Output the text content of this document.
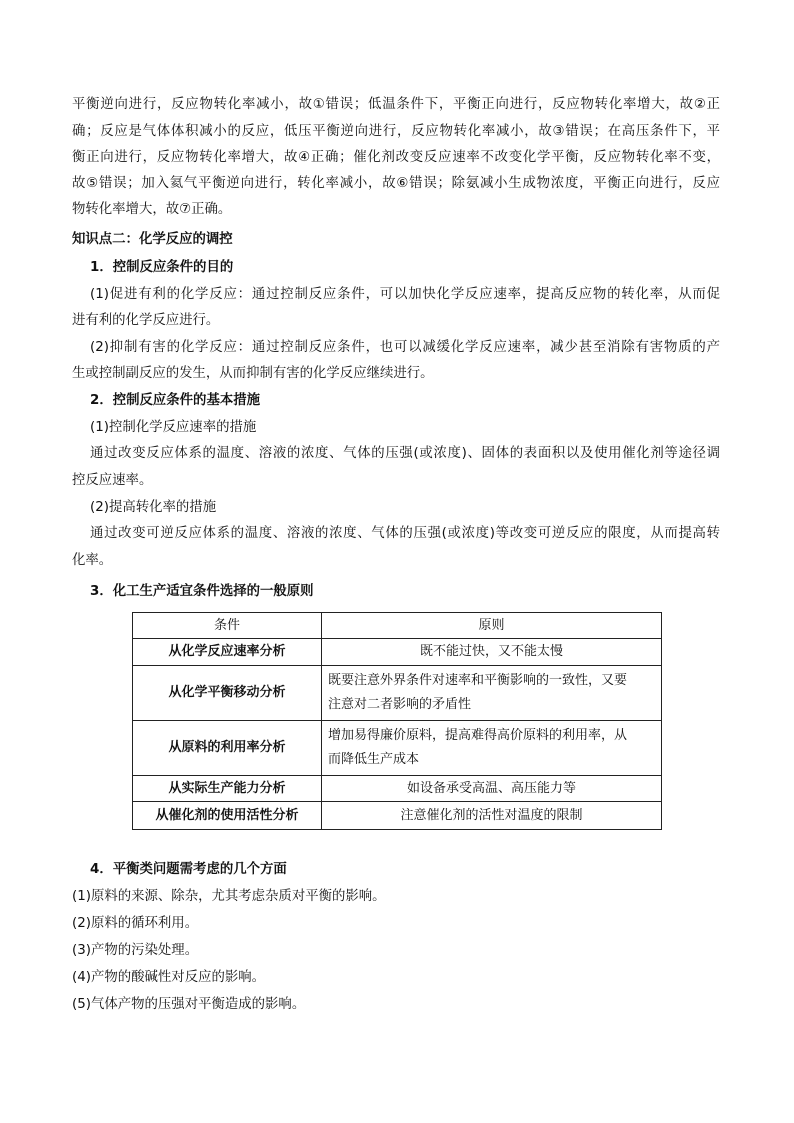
平衡逆向进行，反应物转化率减小，故①错误；低温条件下，平衡正向进行，反应物转化率增大，故②正
确；反应是气体体积减小的反应，低压平衡逆向进行，反应物转化率减小，故③错误；在高压条件下，平
衡正向进行，反应物转化率增大，故④正确；催化剂改变反应速率不改变化学平衡，反应物转化率不变，
故⑤错误；加入氦气平衡逆向进行，转化率减小，故⑥错误；除氨减小生成物浓度，平衡正向进行，反应
物转化率增大，故⑦正确。
知识点二：化学反应的调控
1．控制反应条件的目的
(1)促进有利的化学反应：通过控制反应条件，可以加快化学反应速率，提高反应物的转化率，从而促
进有利的化学反应进行。
(2)抑制有害的化学反应：通过控制反应条件，也可以减缓化学反应速率，减少甚至消除有害物质的产
生或控制副反应的发生，从而抑制有害的化学反应继续进行。
2．控制反应条件的基本措施
(1)控制化学反应速率的措施
通过改变反应体系的温度、溶液的浓度、气体的压强(或浓度)、固体的表面积以及使用催化剂等途径调
控反应速率。
(2)提高转化率的措施
通过改变可逆反应体系的温度、溶液的浓度、气体的压强(或浓度)等改变可逆反应的限度，从而提高转
化率。
3．化工生产适宜条件选择的一般原则
条件	原则
从化学反应速率分析	既不能过快，又不能太慢
从化学平衡移动分析	既要注意外界条件对速率和平衡影响的一致性，又要
注意对二者影响的矛盾性

从原料的利用率分析	增加易得廉价原料，提高难得高价原料的利用率，从
而降低生产成本

从实际生产能力分析	如设备承受高温、高压能力等
从催化剂的使用活性分析	注意催化剂的活性对温度的限制
4．平衡类问题需考虑的几个方面
(1)原料的来源、除杂，尤其考虑杂质对平衡的影响。
(2)原料的循环利用。
(3)产物的污染处理。
(4)产物的酸碱性对反应的影响。
(5)气体产物的压强对平衡造成的影响。
